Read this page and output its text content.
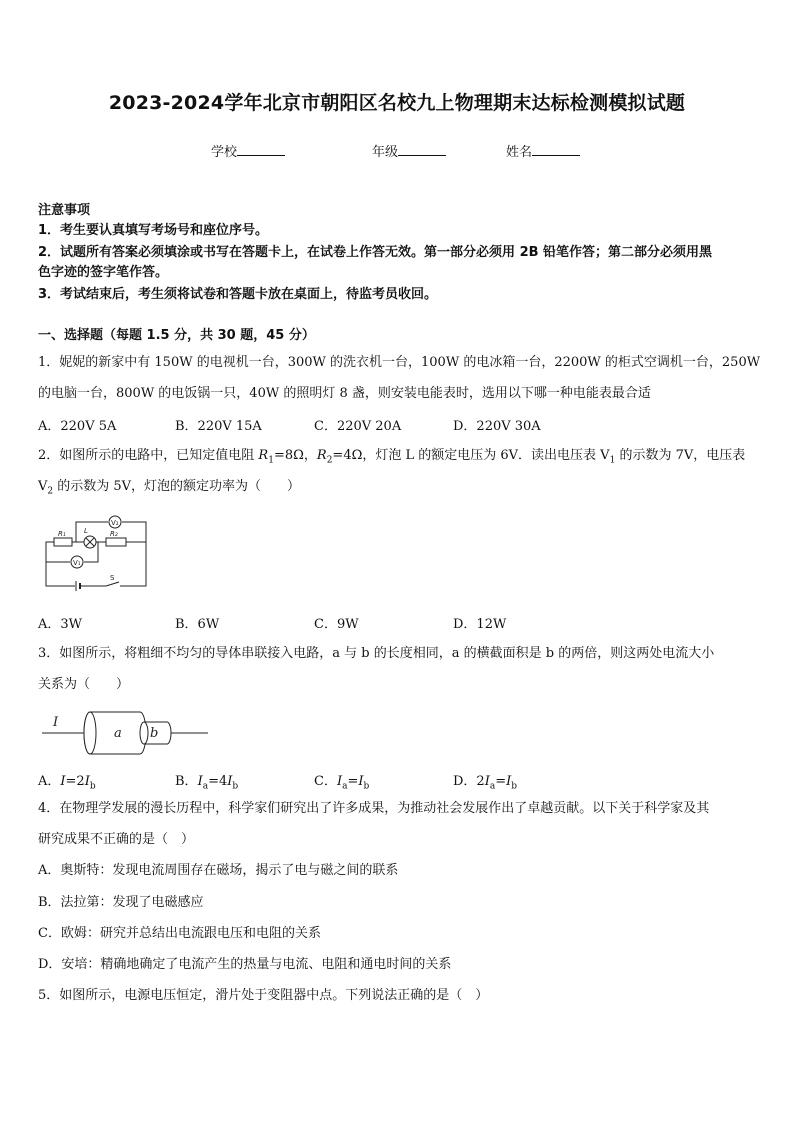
2023-2024学年北京市朝阳区名校九上物理期末达标检测模拟试题
学校	年级	姓名
注意事项
1．考生要认真填写考场号和座位序号。
2．试题所有答案必须填涂或书写在答题卡上，在试卷上作答无效。第一部分必须用 2B 铅笔作答；第二部分必须用黑
色字迹的签字笔作答。
3．考试结束后，考生须将试卷和答题卡放在桌面上，待监考员收回。
一、选择题（每题 1.5 分，共 30 题，45 分）
1．妮妮的新家中有 150W 的电视机一台，300W 的洗衣机一台，100W 的电冰箱一台，2200W 的柜式空调机一台，250W
的电脑一台，800W 的电饭锅一只，40W 的照明灯 8 盏，则安装电能表时，选用以下哪一种电能表最合适
A．220V 5A	B．220V 15A	C．220V 20A	D．220V 30A
2．如图所示的电路中，已知定值电阻 $R_1=8\Omega$，$R_2=4\Omega$，灯泡 L 的额定电压为 6V．读出电压表 $V_1$ 的示数为 7V，电压表
$V_2$ 的示数为 5V，灯泡的额定功率为（　　）
V₂
V₁
R₁	R₂
L
S
A．3W	B．6W	C．9W	D．12W
3．如图所示，将粗细不均匀的导体串联接入电路，a 与 b 的长度相同，a 的横截面积是 b 的两倍，则这两处电流大小
关系为（　　）
I
a b
A．$I=2I_b$	B．$I_a=4I_b$	C．$I_a=I_b$	D．$2I_a=I_b$
4．在物理学发展的漫长历程中，科学家们研究出了许多成果，为推动社会发展作出了卓越贡献。以下关于科学家及其
研究成果不正确的是（　）
A．奥斯特：发现电流周围存在磁场，揭示了电与磁之间的联系
B．法拉第：发现了电磁感应
C．欧姆：研究并总结出电流跟电压和电阻的关系
D．安培：精确地确定了电流产生的热量与电流、电阻和通电时间的关系
5．如图所示，电源电压恒定，滑片处于变阻器中点。下列说法正确的是（　）
